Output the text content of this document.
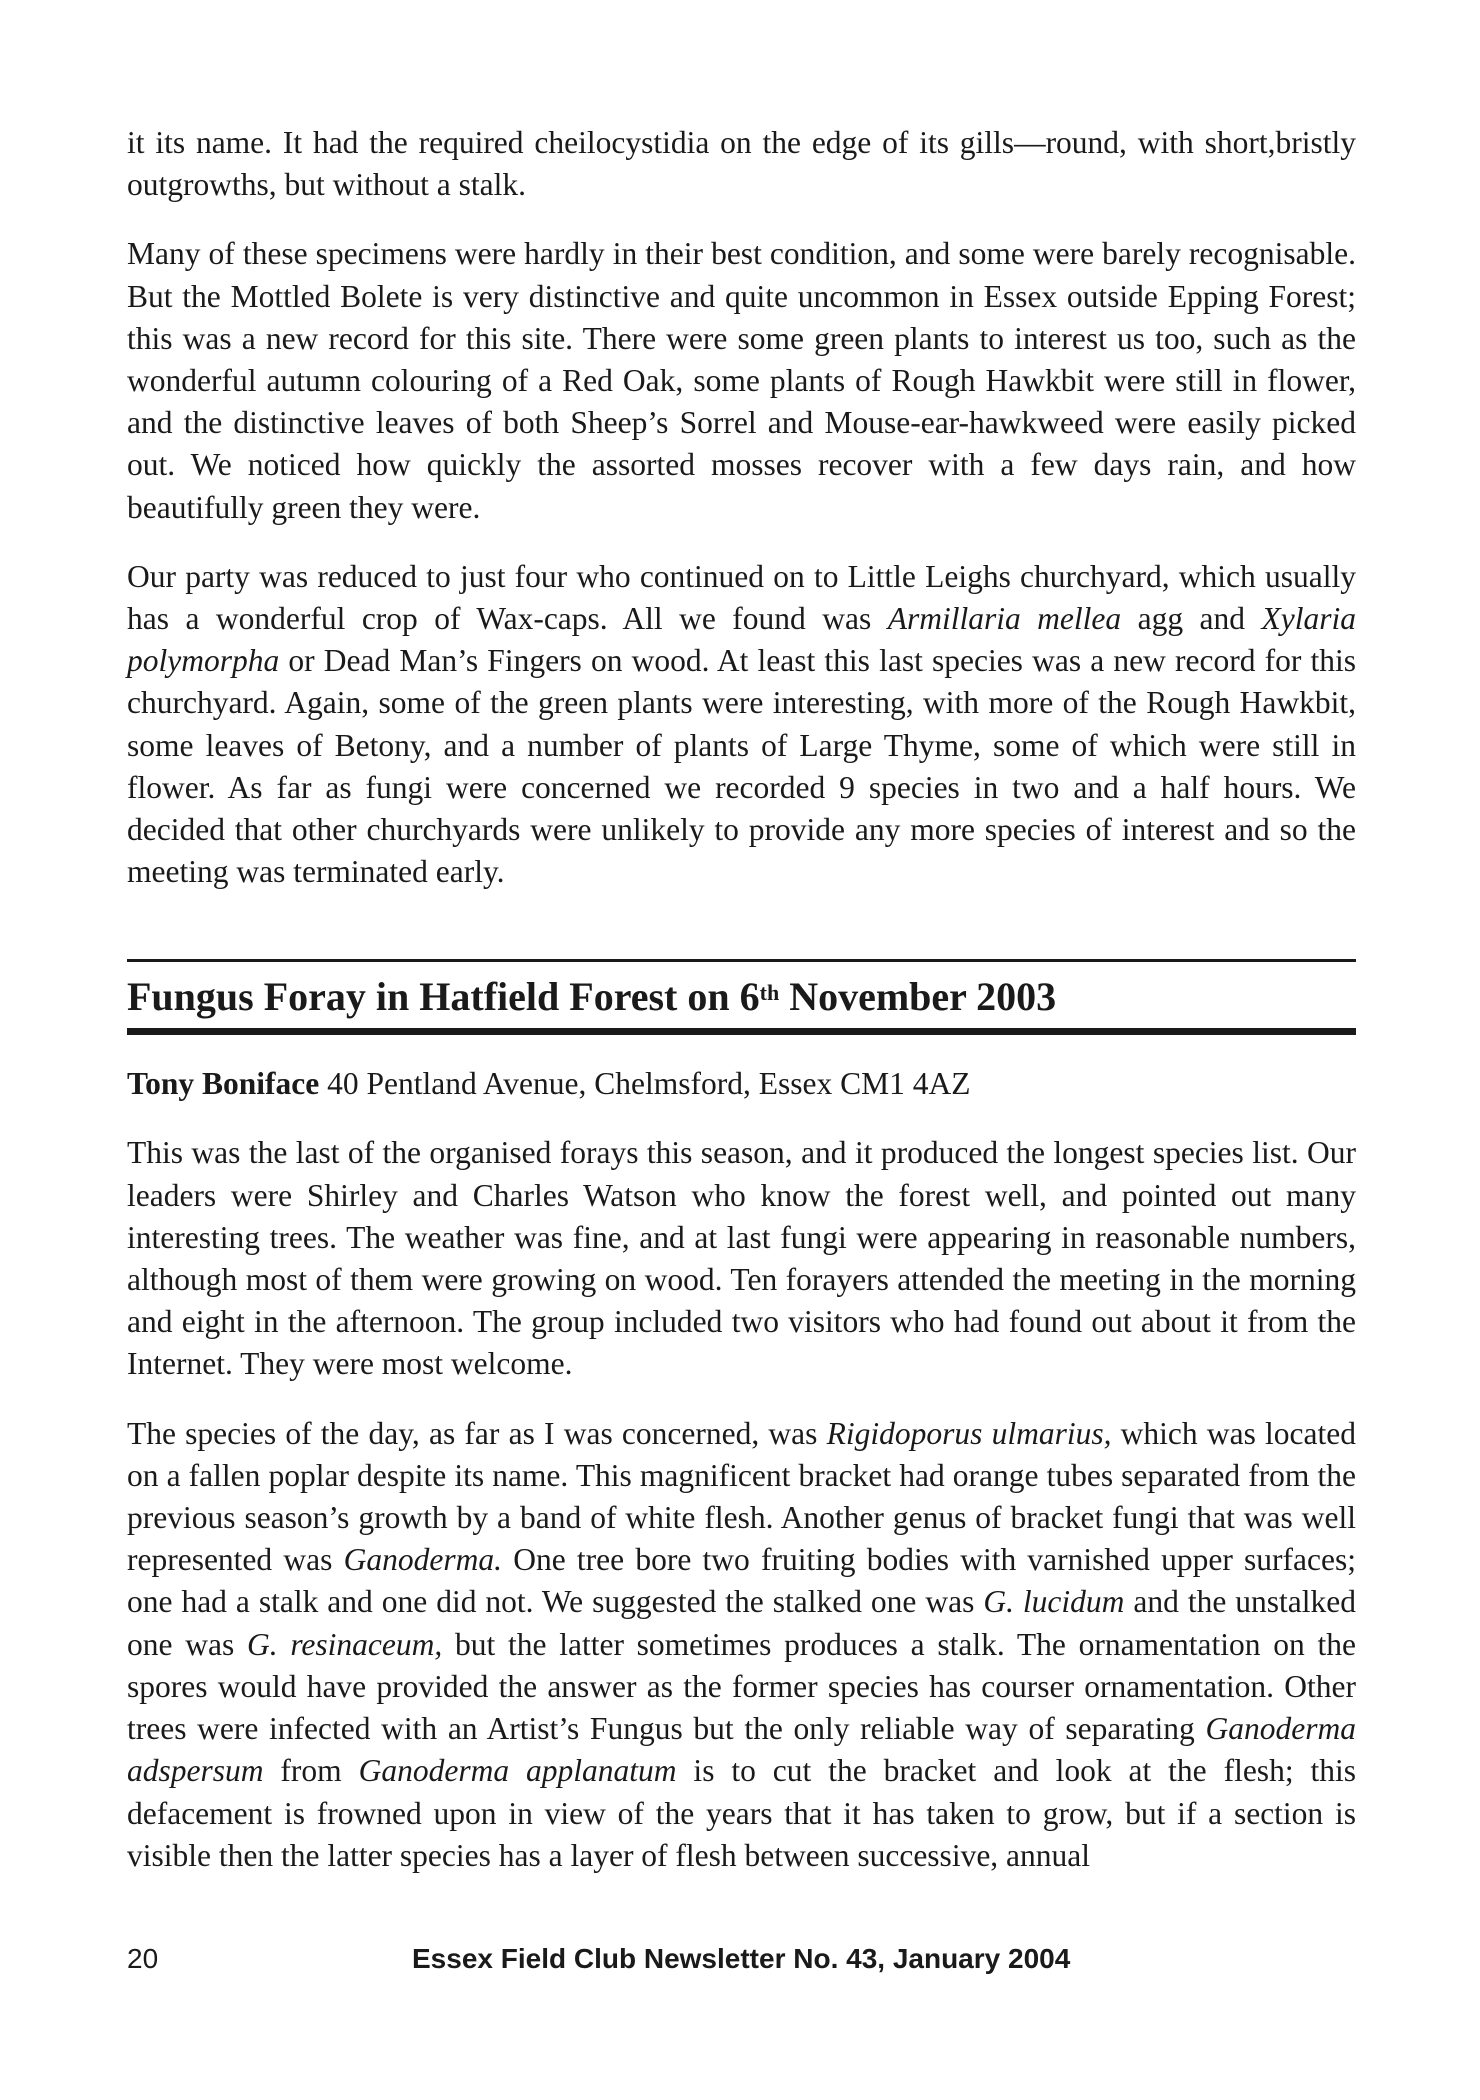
it its name. It had the required cheilocystidia on the edge of its gills—round, with short,bristly outgrowths, but without a stalk.

Many of these specimens were hardly in their best condition, and some were barely recognisable. But the Mottled Bolete is very distinctive and quite uncommon in Essex outside Epping Forest; this was a new record for this site. There were some green plants to interest us too, such as the wonderful autumn colouring of a Red Oak, some plants of Rough Hawkbit were still in flower, and the distinctive leaves of both Sheep’s Sorrel and Mouse-ear-hawkweed were easily picked out. We noticed how quickly the assorted mosses recover with a few days rain, and how beautifully green they were.

Our party was reduced to just four who continued on to Little Leighs churchyard, which usually has a wonderful crop of Wax-caps. All we found was Armillaria mellea agg and Xylaria polymorpha or Dead Man’s Fingers on wood. At least this last species was a new record for this churchyard. Again, some of the green plants were interesting, with more of the Rough Hawkbit, some leaves of Betony, and a number of plants of Large Thyme, some of which were still in flower. As far as fungi were concerned we recorded 9 species in two and a half hours. We decided that other churchyards were unlikely to provide any more species of interest and so the meeting was terminated early.

Fungus Foray in Hatfield Forest on 6th November 2003
Tony Boniface 40 Pentland Avenue, Chelmsford, Essex CM1 4AZ

This was the last of the organised forays this season, and it produced the longest species list. Our leaders were Shirley and Charles Watson who know the forest well, and pointed out many interesting trees. The weather was fine, and at last fungi were appearing in reasonable numbers, although most of them were growing on wood. Ten forayers attended the meeting in the morning and eight in the afternoon. The group included two visitors who had found out about it from the Internet. They were most welcome.

The species of the day, as far as I was concerned, was Rigidoporus ulmarius, which was located on a fallen poplar despite its name. This magnificent bracket had orange tubes separated from the previous season’s growth by a band of white flesh. Another genus of bracket fungi that was well represented was Ganoderma. One tree bore two fruiting bodies with varnished upper surfaces; one had a stalk and one did not. We suggested the stalked one was G. lucidum and the unstalked one was G. resinaceum, but the latter sometimes produces a stalk. The ornamentation on the spores would have provided the answer as the former species has courser ornamentation. Other trees were infected with an Artist’s Fungus but the only reliable way of separating Ganoderma adspersum from Ganoderma applanatum is to cut the bracket and look at the flesh; this defacement is frowned upon in view of the years that it has taken to grow, but if a section is visible then the latter species has a layer of flesh between successive, annual

20	Essex Field Club Newsletter No. 43, January 2004
